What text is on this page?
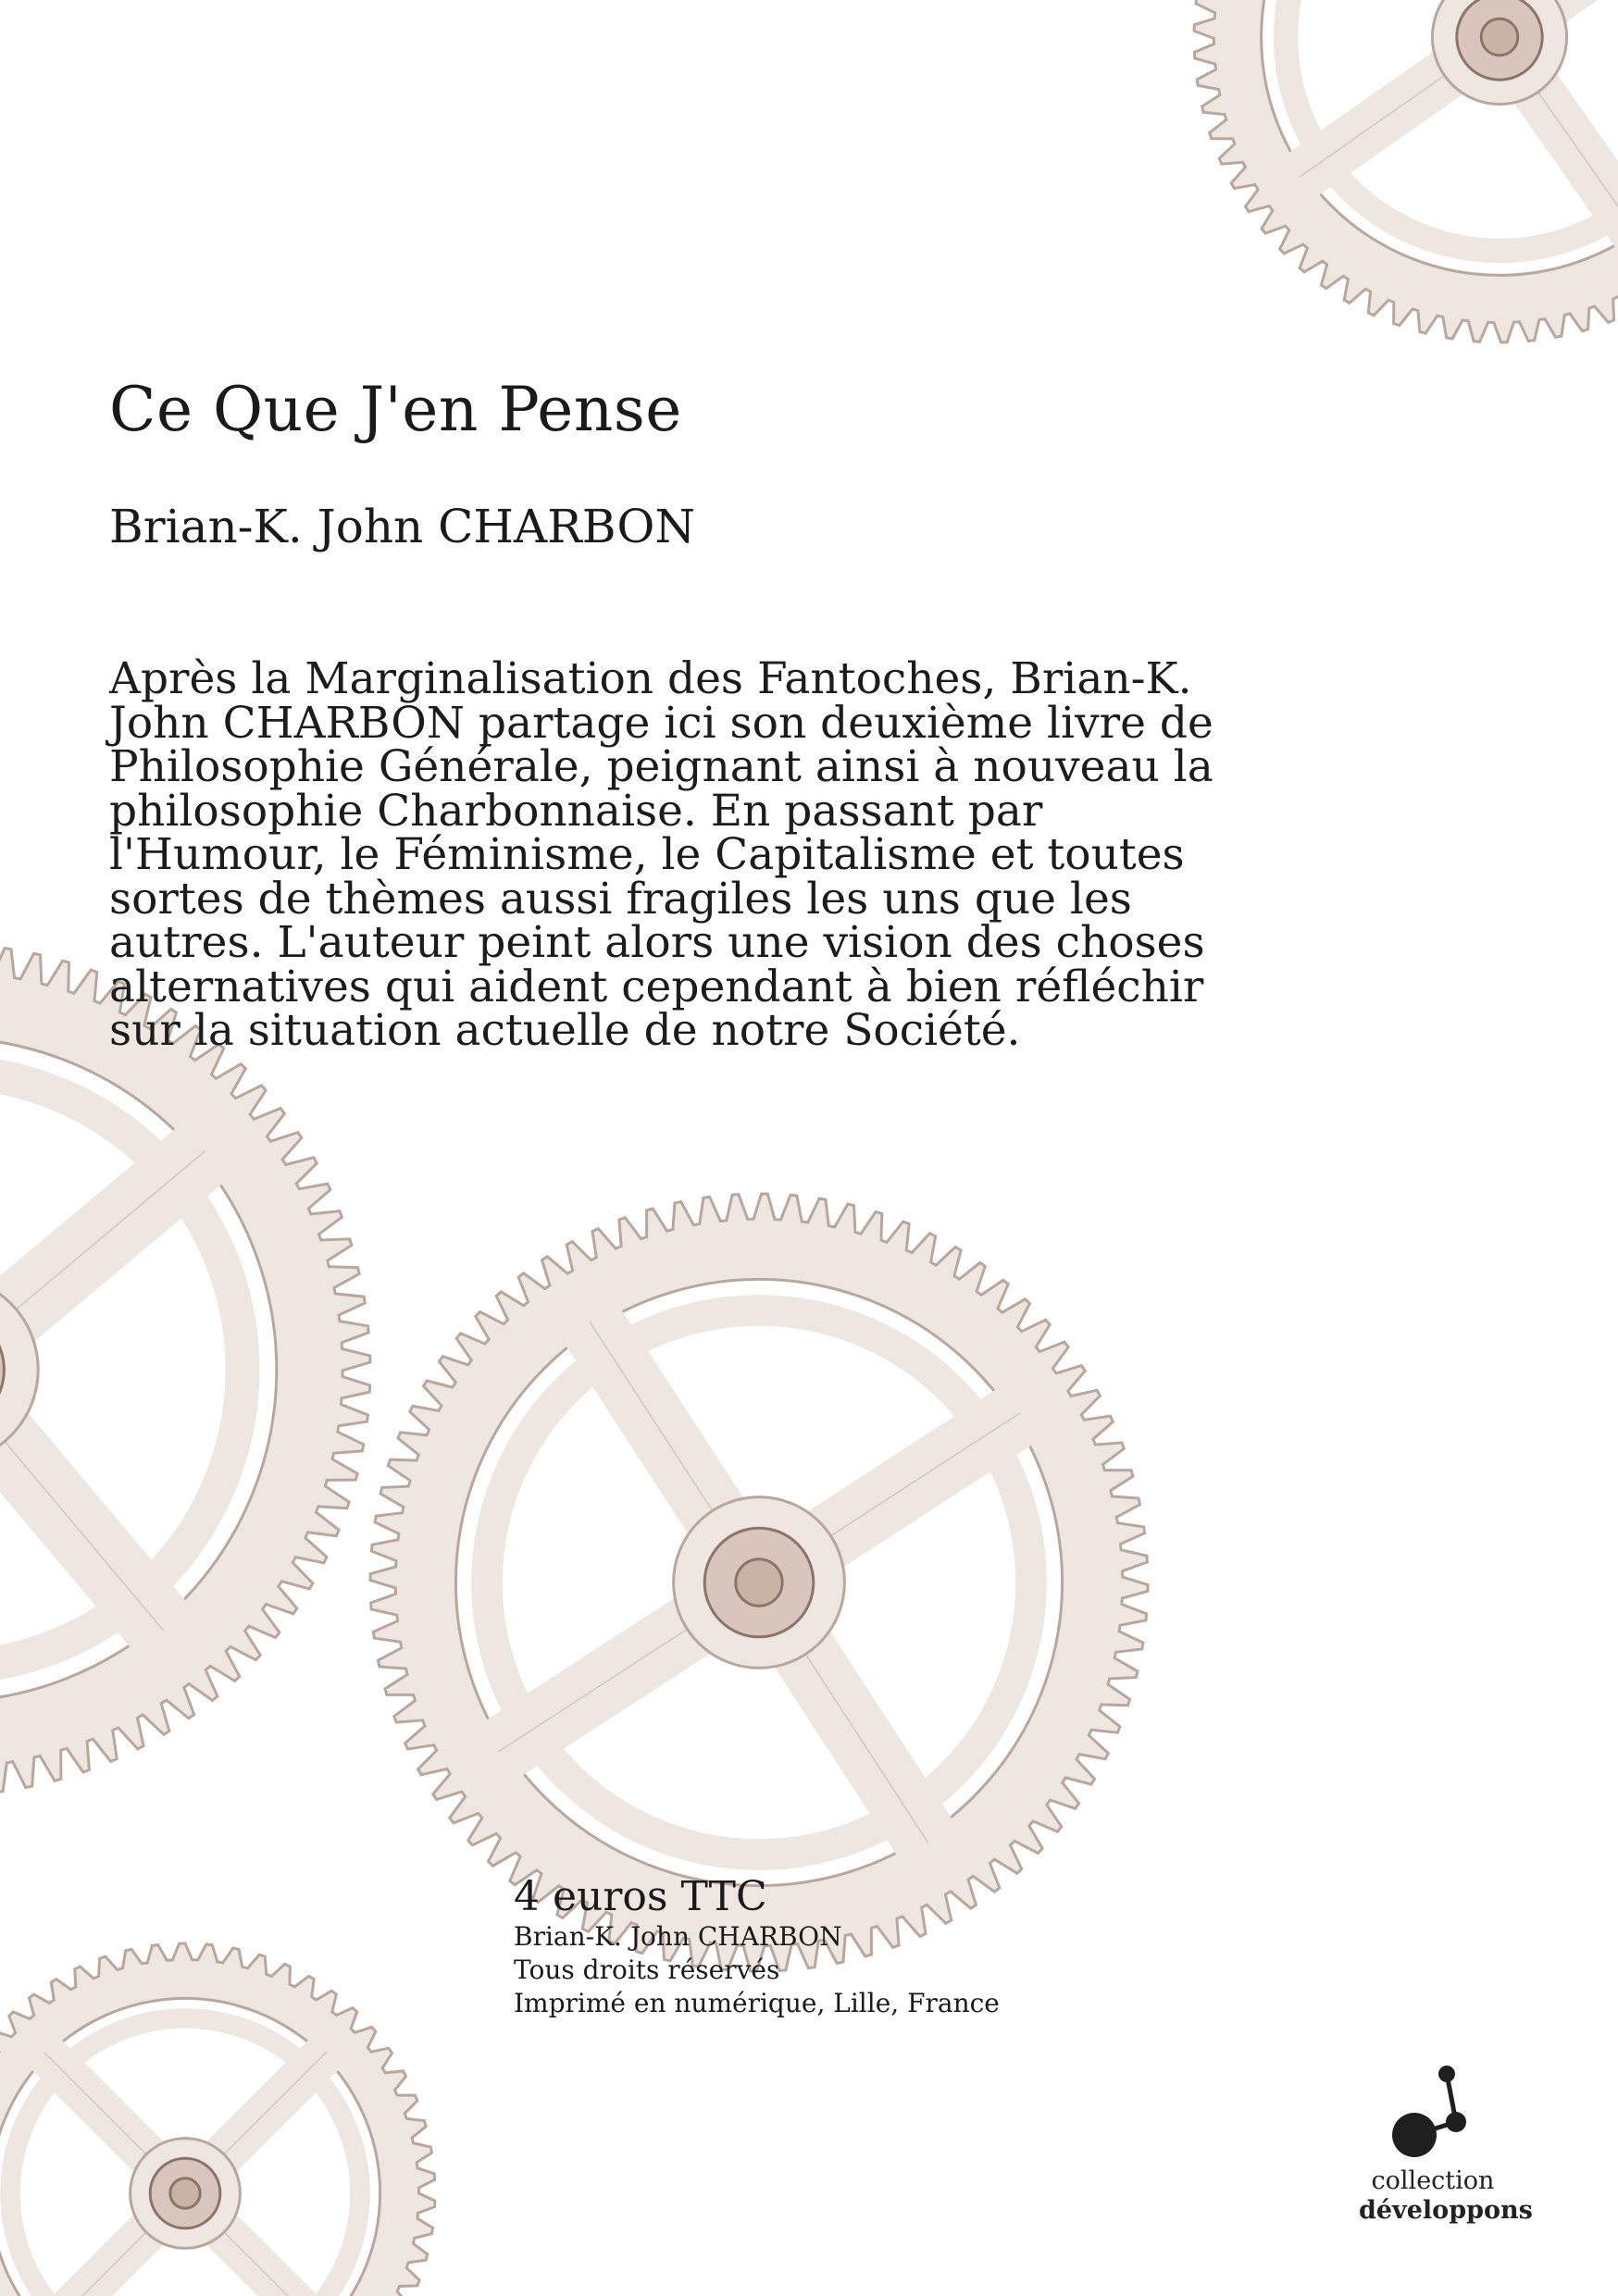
Ce Que J'en Pense
Brian-K. John CHARBON

Après la Marginalisation des Fantoches, Brian-K. John CHARBON partage ici son deuxième livre de Philosophie Générale, peignant ainsi à nouveau la philosophie Charbonnaise. En passant par l'Humour, le Féminisme, le Capitalisme et toutes sortes de thèmes aussi fragiles les uns que les autres. L'auteur peint alors une vision des choses alternatives qui aident cependant à bien réfléchir sur la situation actuelle de notre Société.

4 euros TTC
Brian-K. John CHARBON
Tous droits réservés
Imprimé en numérique, Lille, France
collection
développons
